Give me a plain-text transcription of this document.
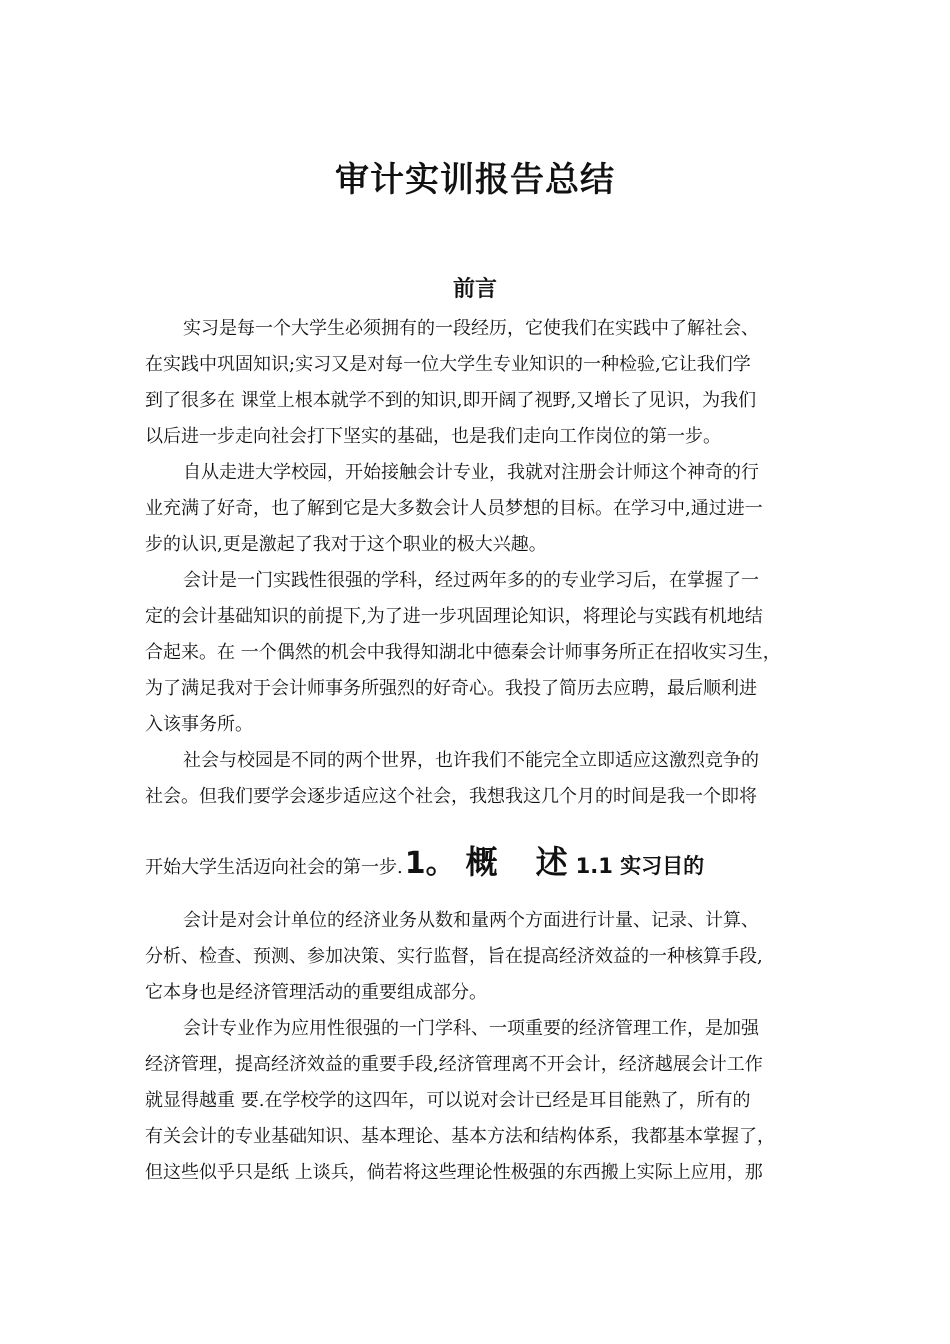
审计实训报告总结
前言
实习是每一个大学生必须拥有的一段经历，它使我们在实践中了解社会、
在实践中巩固知识;实习又是对每一位大学生专业知识的一种检验,它让我们学
到了很多在 课堂上根本就学不到的知识,即开阔了视野,又增长了见识，为我们
以后进一步走向社会打下坚实的基础，也是我们走向工作岗位的第一步。
自从走进大学校园，开始接触会计专业，我就对注册会计师这个神奇的行
业充满了好奇，也了解到它是大多数会计人员梦想的目标。在学习中,通过进一
步的认识,更是激起了我对于这个职业的极大兴趣。
会计是一门实践性很强的学科，经过两年多的的专业学习后，在掌握了一
定的会计基础知识的前提下,为了进一步巩固理论知识，将理论与实践有机地结
合起来。在 一个偶然的机会中我得知湖北中德秦会计师事务所正在招收实习生，
为了满足我对于会计师事务所强烈的好奇心。我投了简历去应聘，最后顺利进
入该事务所。
社会与校园是不同的两个世界，也许我们不能完全立即适应这激烈竞争的
社会。但我们要学会逐步适应这个社会，我想我这几个月的时间是我一个即将
开始大学生活迈向社会的第一步.1。 概述1.1 实习目的
会计是对会计单位的经济业务从数和量两个方面进行计量、记录、计算、
分析、检查、预测、参加决策、实行监督，旨在提高经济效益的一种核算手段,
它本身也是经济管理活动的重要组成部分。
会计专业作为应用性很强的一门学科、一项重要的经济管理工作，是加强
经济管理，提高经济效益的重要手段,经济管理离不开会计，经济越展会计工作
就显得越重 要.在学校学的这四年，可以说对会计已经是耳目能熟了，所有的
有关会计的专业基础知识、基本理论、基本方法和结构体系，我都基本掌握了，
但这些似乎只是纸 上谈兵，倘若将这些理论性极强的东西搬上实际上应用，那
